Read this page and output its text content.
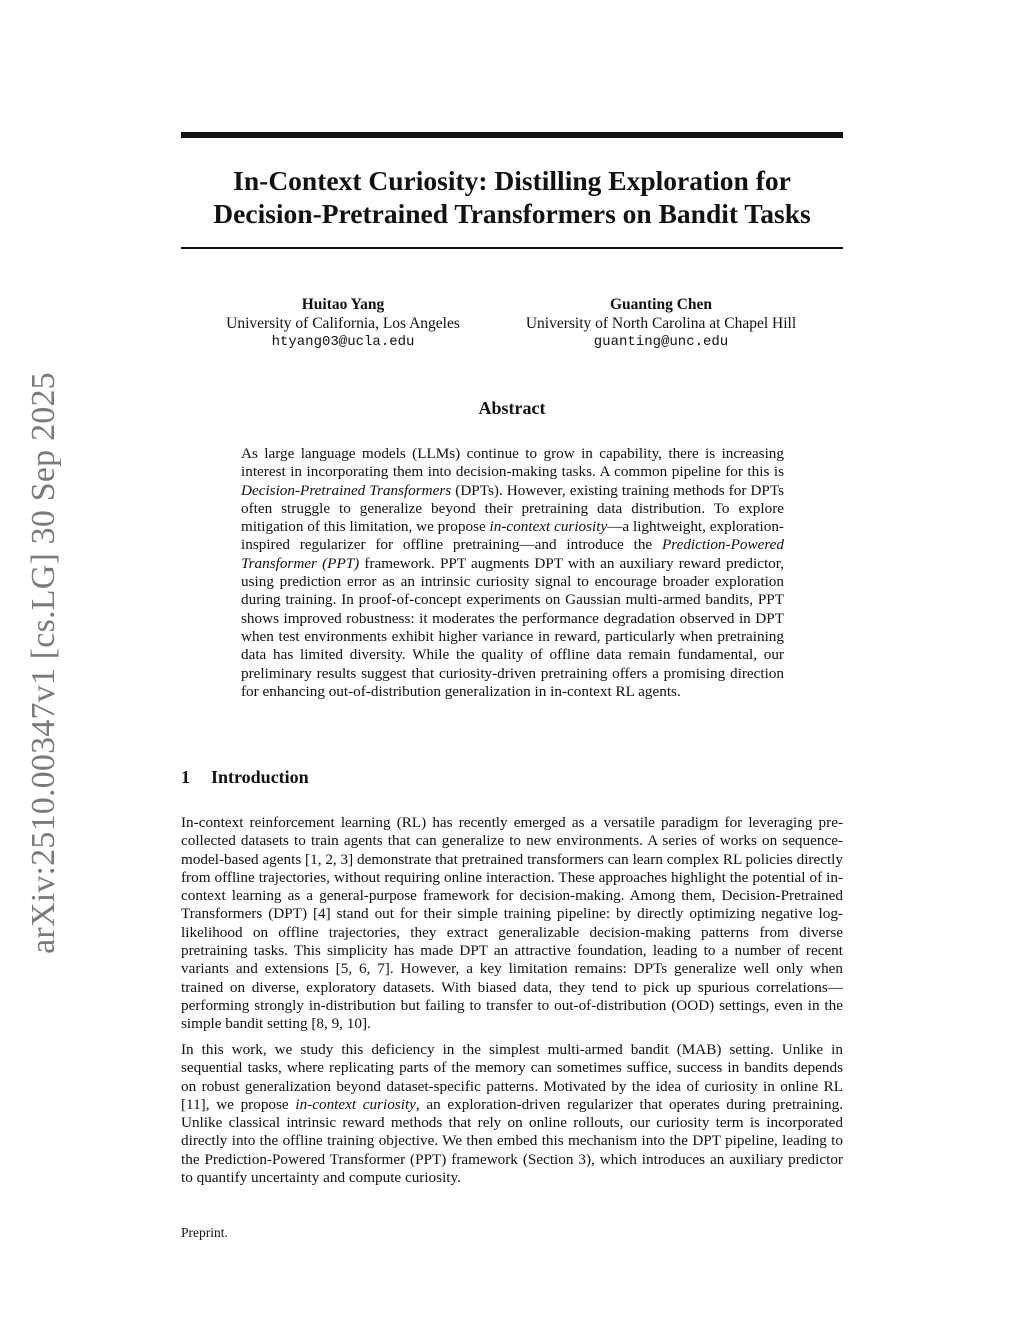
In-Context Curiosity: Distilling Exploration for
Decision-Pretrained Transformers on Bandit Tasks
Huitao Yang
University of California, Los Angeles
htyang03@ucla.edu
Guanting Chen
University of North Carolina at Chapel Hill
guanting@unc.edu
arXiv:2510.00347v1 [cs.LG] 30 Sep 2025	Abstract

As large language models (LLMs) continue to grow in capability, there is increasing interest in incorporating them into decision-making tasks. A common pipeline for this is Decision-Pretrained Transformers (DPTs). However, existing training methods for DPTs often struggle to generalize beyond their pretraining data distribution. To explore mitigation of this limitation, we propose in-context curiosity—a lightweight, exploration-inspired regularizer for offline pretraining—and introduce the Prediction-Powered Transformer (PPT) framework. PPT augments DPT with an auxiliary reward predictor, using prediction error as an intrinsic curiosity signal to encourage broader exploration during training. In proof-of-concept experiments on Gaussian multi-armed bandits, PPT shows improved robustness: it moderates the performance degradation observed in DPT when test environments exhibit higher variance in reward, particularly when pretraining data has limited diversity. While the quality of offline data remain fundamental, our preliminary results suggest that curiosity-driven pretraining offers a promising direction for enhancing out-of-distribution generalization in in-context RL agents.

1 Introduction

In-context reinforcement learning (RL) has recently emerged as a versatile paradigm for leveraging pre-collected datasets to train agents that can generalize to new environments. A series of works on sequence-model-based agents [1, 2, 3] demonstrate that pretrained transformers can learn complex RL policies directly from offline trajectories, without requiring online interaction. These approaches highlight the potential of in-context learning as a general-purpose framework for decision-making. Among them, Decision-Pretrained Transformers (DPT) [4] stand out for their simple training pipeline: by directly optimizing negative log-likelihood on offline trajectories, they extract generalizable decision-making patterns from diverse pretraining tasks. This simplicity has made DPT an attractive foundation, leading to a number of recent variants and extensions [5, 6, 7]. However, a key limitation remains: DPTs generalize well only when trained on diverse, exploratory datasets. With biased data, they tend to pick up spurious correlations—performing strongly in-distribution but failing to transfer to out-of-distribution (OOD) settings, even in the simple bandit setting [8, 9, 10].

In this work, we study this deficiency in the simplest multi-armed bandit (MAB) setting. Unlike in sequential tasks, where replicating parts of the memory can sometimes suffice, success in bandits depends on robust generalization beyond dataset-specific patterns. Motivated by the idea of curiosity in online RL [11], we propose in-context curiosity, an exploration-driven regularizer that operates during pretraining. Unlike classical intrinsic reward methods that rely on online rollouts, our curiosity term is incorporated directly into the offline training objective. We then embed this mechanism into the DPT pipeline, leading to the Prediction-Powered Transformer (PPT) framework (Section 3), which introduces an auxiliary predictor to quantify uncertainty and compute curiosity.

Preprint.
